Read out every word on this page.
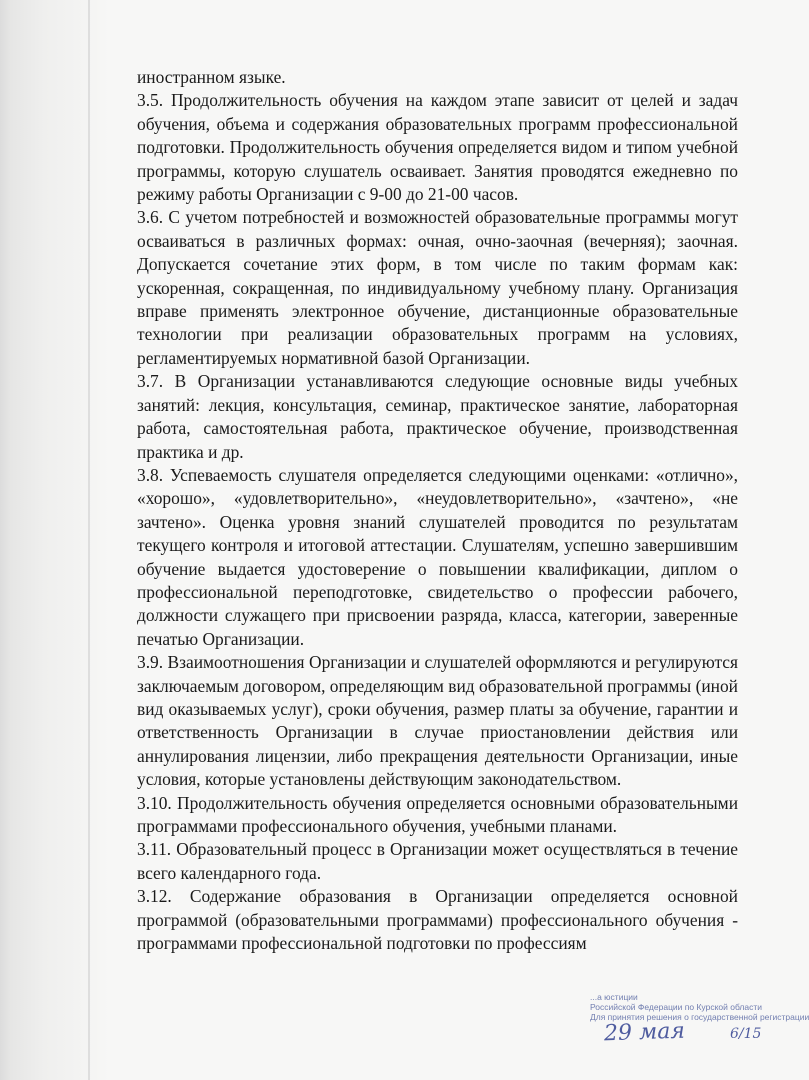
иностранном языке.

3.5. Продолжительность обучения на каждом этапе зависит от целей и задач обучения, объема и содержания образовательных программ профессиональной подготовки. Продолжительность обучения определяется видом и типом учебной программы, которую слушатель осваивает. Занятия проводятся ежедневно по режиму работы Организации с 9-00 до 21-00 часов.

3.6. С учетом потребностей и возможностей образовательные программы могут осваиваться в различных формах: очная, очно-заочная (вечерняя); заочная. Допускается сочетание этих форм, в том числе по таким формам как: ускоренная, сокращенная, по индивидуальному учебному плану. Организация вправе применять электронное обучение, дистанционные образовательные технологии при реализации образовательных программ на условиях, регламентируемых нормативной базой Организации.

3.7. В Организации устанавливаются следующие основные виды учебных занятий: лекция, консультация, семинар, практическое занятие, лабораторная работа, самостоятельная работа, практическое обучение, производственная практика и др.

3.8. Успеваемость слушателя определяется следующими оценками: «отлично», «хорошо», «удовлетворительно», «неудовлетворительно», «зачтено», «не зачтено». Оценка уровня знаний слушателей проводится по результатам текущего контроля и итоговой аттестации. Слушателям, успешно завершившим обучение выдается удостоверение о повышении квалификации, диплом о профессиональной переподготовке, свидетельство о профессии рабочего, должности служащего при присвоении разряда, класса, категории, заверенные печатью Организации.

3.9. Взаимоотношения Организации и слушателей оформляются и регулируются заключаемым договором, определяющим вид образовательной программы (иной вид оказываемых услуг), сроки обучения, размер платы за обучение, гарантии и ответственность Организации в случае приостановлении действия или аннулирования лицензии, либо прекращения деятельности Организации, иные условия, которые установлены действующим законодательством.

3.10. Продолжительность обучения определяется основными образовательными программами профессионального обучения, учебными планами.

3.11. Образовательный процесс в Организации может осуществляться в течение всего календарного года.

3.12. Содержание образования в Организации определяется основной программой (образовательными программами) профессионального обучения - программами профессиональной подготовки по профессиям

...а юстиции
Российской Федерации по Курской области
Для принятия решения о государственной регистрации
29 мая	6/15
